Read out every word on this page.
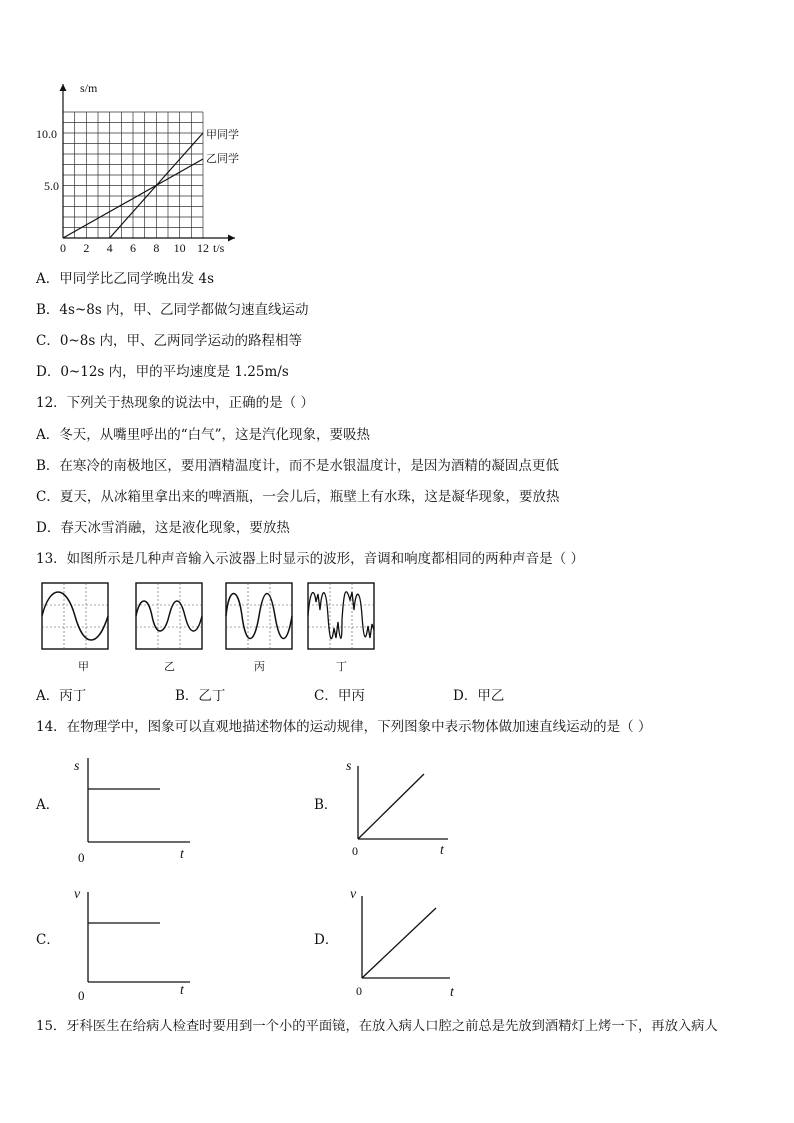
s/m
t/s
10.0
5.0
0 2 4 6 8 10 12
甲同学
乙同学
A．甲同学比乙同学晚出发 4s
B．4s~8s 内，甲、乙同学都做匀速直线运动
C．0~8s 内，甲、乙两同学运动的路程相等
D．0~12s 内，甲的平均速度是 1.25m/s
12．下列关于热现象的说法中，正确的是（ ）
A．冬天，从嘴里呼出的“白气”，这是汽化现象，要吸热
B．在寒冷的南极地区，要用酒精温度计，而不是水银温度计，是因为酒精的凝固点更低
C．夏天，从冰箱里拿出来的啤酒瓶，一会儿后，瓶壁上有水珠，这是凝华现象，要放热
D．春天冰雪消融，这是液化现象，要放热
13．如图所示是几种声音输入示波器上时显示的波形，音调和响度都相同的两种声音是（ ）
甲	乙	丙	丁
A．丙丁	B．乙丁	C．甲丙	D．甲乙
14．在物理学中，图象可以直观地描述物体的运动规律，下列图象中表示物体做加速直线运动的是（ ）
A．
s
t
0
B．
s
t
0
C．
v
t
0
D．
v
t
0
15．牙科医生在给病人检查时要用到一个小的平面镜，在放入病人口腔之前总是先放到酒精灯上烤一下，再放入病人
